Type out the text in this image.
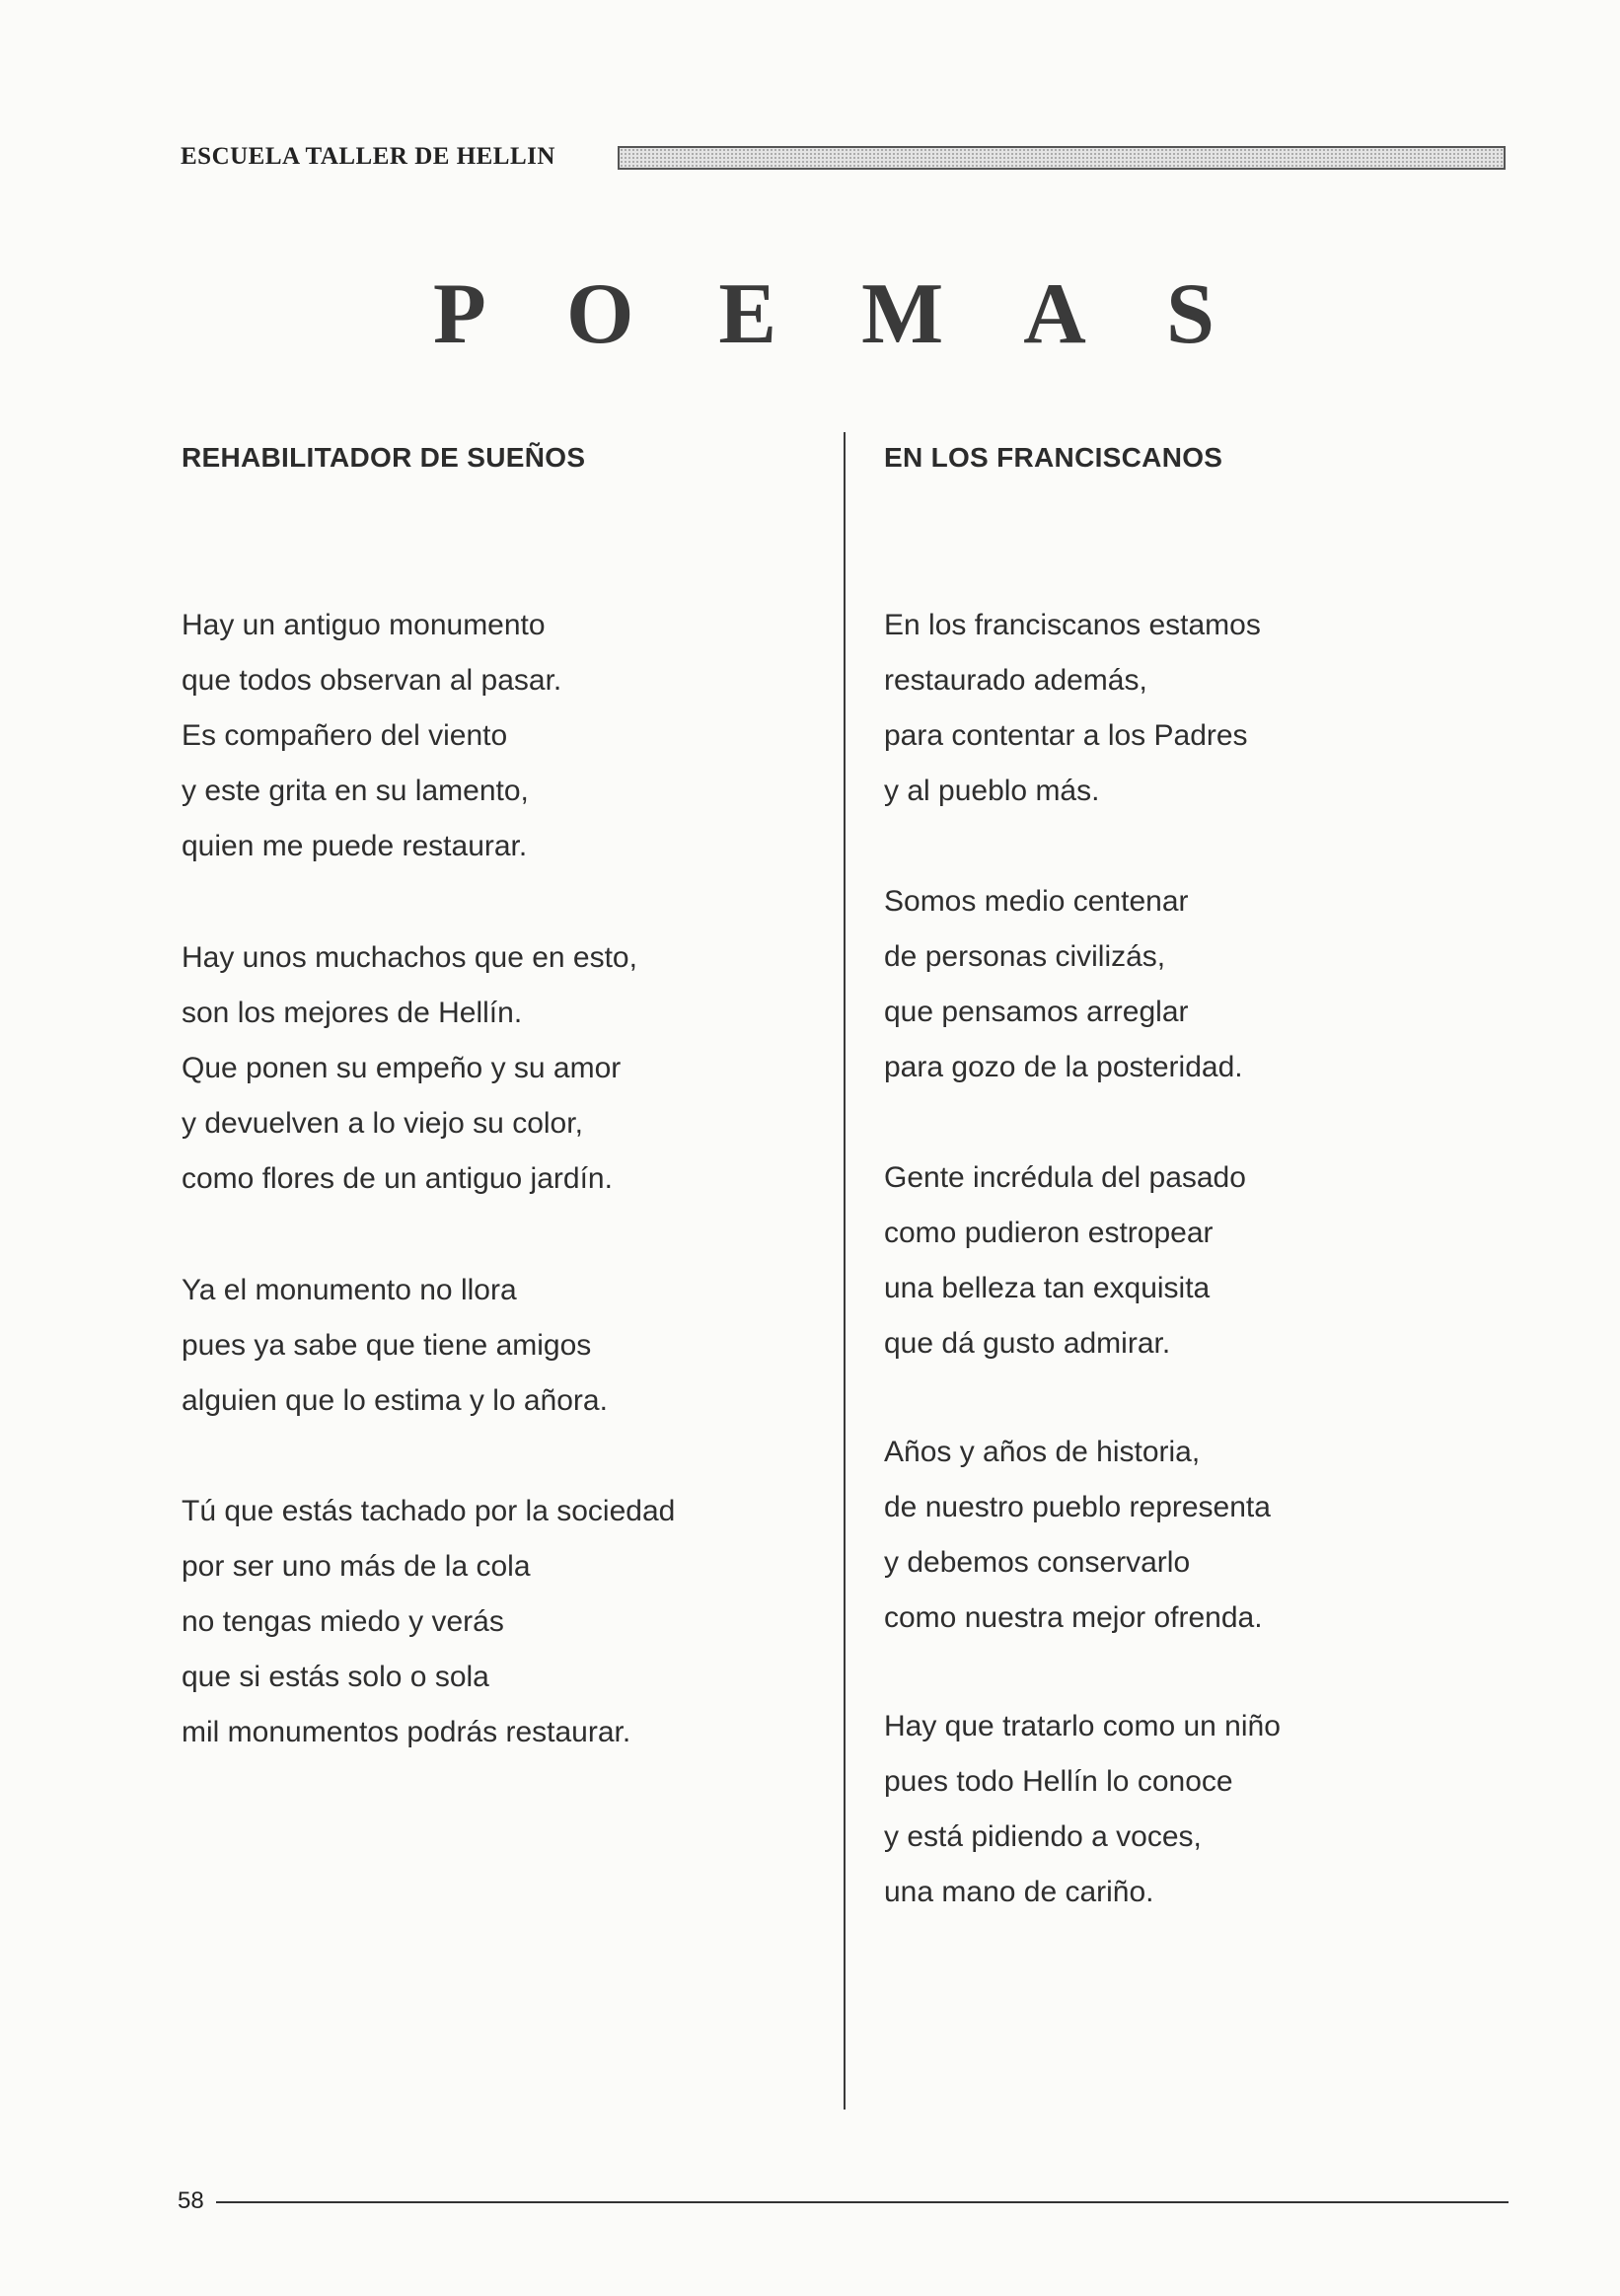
ESCUELA TALLER DE HELLIN
P O E M A S
REHABILITADOR DE SUEÑOS
Hay un antiguo monumento
que todos observan al pasar.
Es compañero del viento
y este grita en su lamento,
quien me puede restaurar.
Hay unos muchachos que en esto,
son los mejores de Hellín.
Que ponen su empeño y su amor
y devuelven a lo viejo su color,
como flores de un antiguo jardín.
Ya el monumento no llora
pues ya sabe que tiene amigos
alguien que lo estima y lo añora.
Tú que estás tachado por la sociedad
por ser uno más de la cola
no tengas miedo y verás
que si estás solo o sola
mil monumentos podrás restaurar.
EN LOS FRANCISCANOS
En los franciscanos estamos
restaurado además,
para contentar a los Padres
y al pueblo más.
Somos medio centenar
de personas civilizás,
que pensamos arreglar
para gozo de la posteridad.
Gente incrédula del pasado
como pudieron estropear
una belleza tan exquisita
que dá gusto admirar.
Años y años de historia,
de nuestro pueblo representa
y debemos conservarlo
como nuestra mejor ofrenda.
Hay que tratarlo como un niño
pues todo Hellín lo conoce
y está pidiendo a voces,
una mano de cariño.
58
